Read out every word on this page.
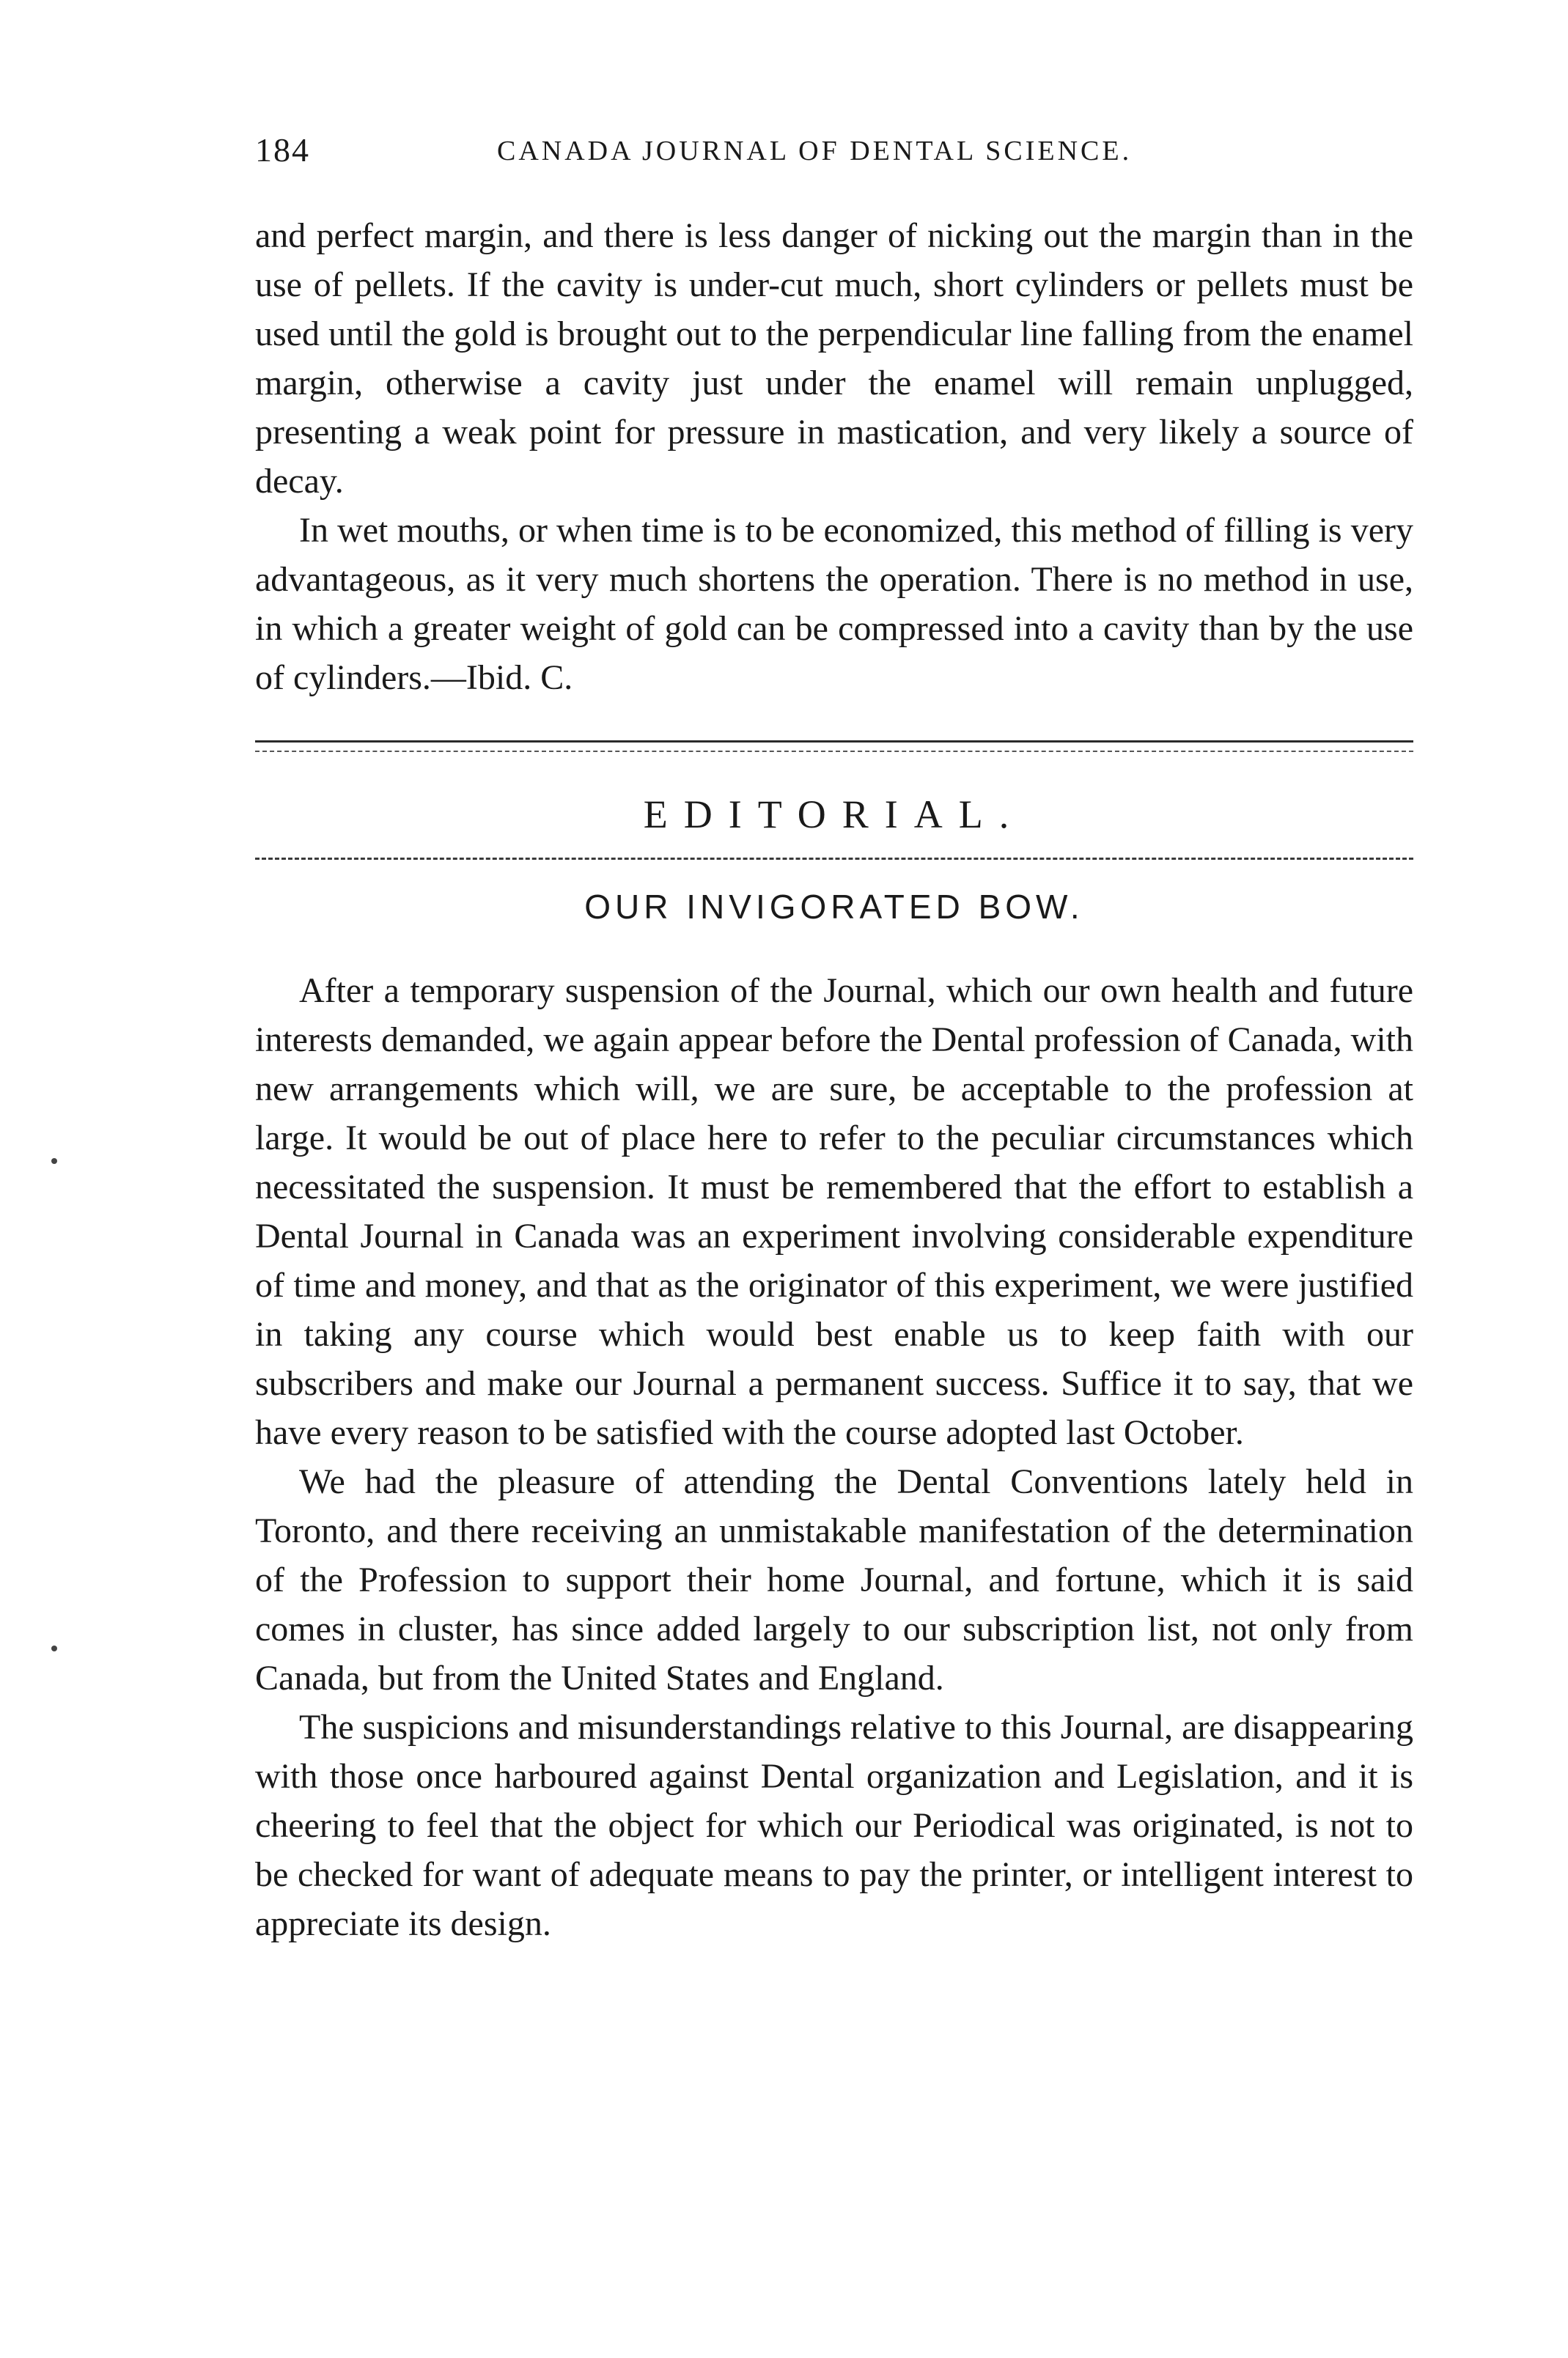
184	CANADA JOURNAL OF DENTAL SCIENCE.

and perfect margin, and there is less danger of nicking out the margin than in the use of pellets. If the cavity is under-cut much, short cylinders or pellets must be used until the gold is brought out to the perpendicular line falling from the enamel margin, otherwise a cavity just under the enamel will remain unplugged, presenting a weak point for pressure in mastication, and very likely a source of decay.

In wet mouths, or when time is to be economized, this method of filling is very advantageous, as it very much shortens the operation. There is no method in use, in which a greater weight of gold can be compressed into a cavity than by the use of cylinders.—Ibid. C.

EDITORIAL.
OUR INVIGORATED BOW.

After a temporary suspension of the Journal, which our own health and future interests demanded, we again appear before the Dental profession of Canada, with new arrangements which will, we are sure, be acceptable to the profession at large. It would be out of place here to refer to the peculiar circumstances which necessitated the suspension. It must be remembered that the effort to establish a Dental Journal in Canada was an experiment involving considerable expenditure of time and money, and that as the originator of this experiment, we were justified in taking any course which would best enable us to keep faith with our subscribers and make our Journal a permanent success. Suffice it to say, that we have every reason to be satisfied with the course adopted last October.

We had the pleasure of attending the Dental Conventions lately held in Toronto, and there receiving an unmistakable manifestation of the determination of the Profession to support their home Journal, and fortune, which it is said comes in cluster, has since added largely to our subscription list, not only from Canada, but from the United States and England.

The suspicions and misunderstandings relative to this Journal, are disappearing with those once harboured against Dental organization and Legislation, and it is cheering to feel that the object for which our Periodical was originated, is not to be checked for want of adequate means to pay the printer, or intelligent interest to appreciate its design.
